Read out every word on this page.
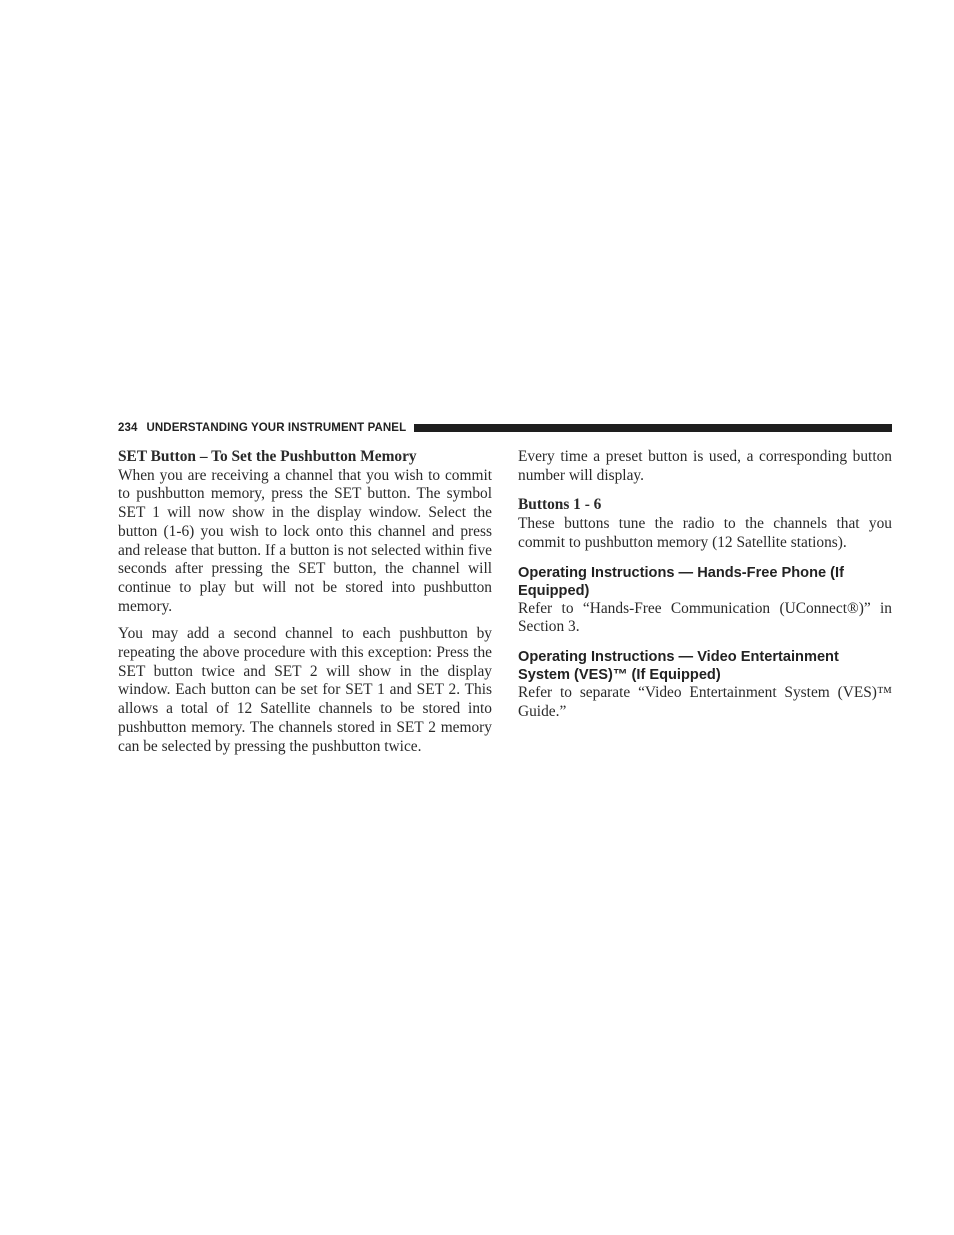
234 UNDERSTANDING YOUR INSTRUMENT PANEL
SET Button – To Set the Pushbutton Memory

When you are receiving a channel that you wish to commit to pushbutton memory, press the SET button. The symbol SET 1 will now show in the display window. Select the button (1-6) you wish to lock onto this channel and press and release that button. If a button is not selected within five seconds after pressing the SET button, the channel will continue to play but will not be stored into pushbutton memory.

You may add a second channel to each pushbutton by repeating the above procedure with this exception: Press the SET button twice and SET 2 will show in the display window. Each button can be set for SET 1 and SET 2. This allows a total of 12 Satellite channels to be stored into pushbutton memory. The channels stored in SET 2 memory can be selected by pressing the pushbutton twice.

Every time a preset button is used, a corresponding button number will display.

Buttons 1 - 6

These buttons tune the radio to the channels that you commit to pushbutton memory (12 Satellite stations).

Operating Instructions — Hands-Free Phone (If Equipped)

Refer to “Hands-Free Communication (UConnect®)” in Section 3.

Operating Instructions — Video Entertainment System (VES)™ (If Equipped)

Refer to separate “Video Entertainment System (VES)™ Guide.”
